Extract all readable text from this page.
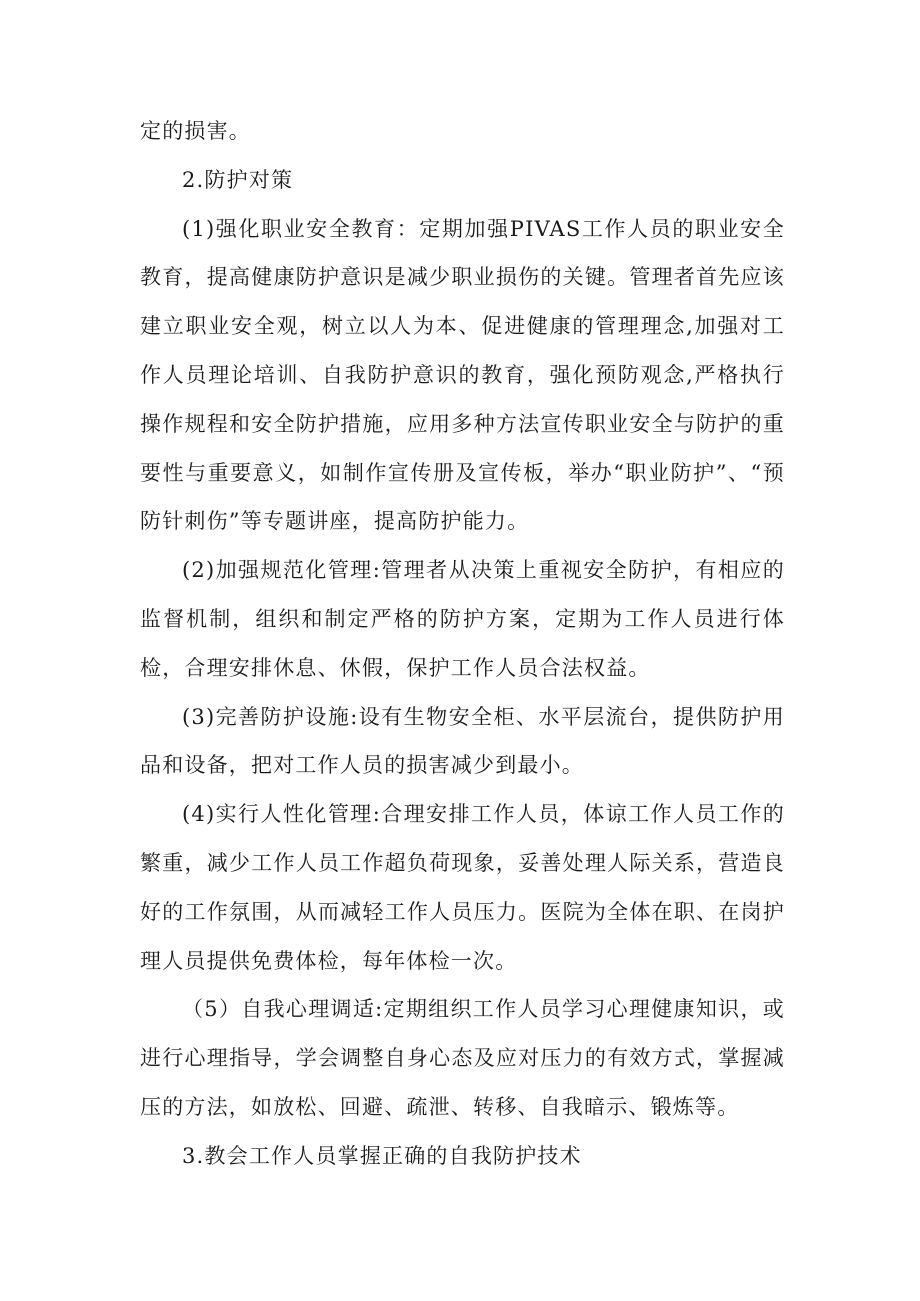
定的损害。

2.防护对策

(1)强化职业安全教育：定期加强PIVAS工作人员的职业安全教育，提高健康防护意识是减少职业损伤的关键。管理者首先应该建立职业安全观，树立以人为本、促进健康的管理理念,加强对工作人员理论培训、自我防护意识的教育，强化预防观念,严格执行操作规程和安全防护措施，应用多种方法宣传职业安全与防护的重要性与重要意义，如制作宣传册及宣传板，举办“职业防护”、“预防针刺伤”等专题讲座，提高防护能力。

(2)加强规范化管理:管理者从决策上重视安全防护，有相应的监督机制，组织和制定严格的防护方案，定期为工作人员进行体检，合理安排休息、休假，保护工作人员合法权益。

(3)完善防护设施:设有生物安全柜、水平层流台，提供防护用品和设备，把对工作人员的损害减少到最小。

(4)实行人性化管理:合理安排工作人员，体谅工作人员工作的繁重，减少工作人员工作超负荷现象，妥善处理人际关系，营造良好的工作氛围，从而减轻工作人员压力。医院为全体在职、在岗护理人员提供免费体检，每年体检一次。

（5）自我心理调适:定期组织工作人员学习心理健康知识，或进行心理指导，学会调整自身心态及应对压力的有效方式，掌握减压的方法，如放松、回避、疏泄、转移、自我暗示、锻炼等。

3.教会工作人员掌握正确的自我防护技术
